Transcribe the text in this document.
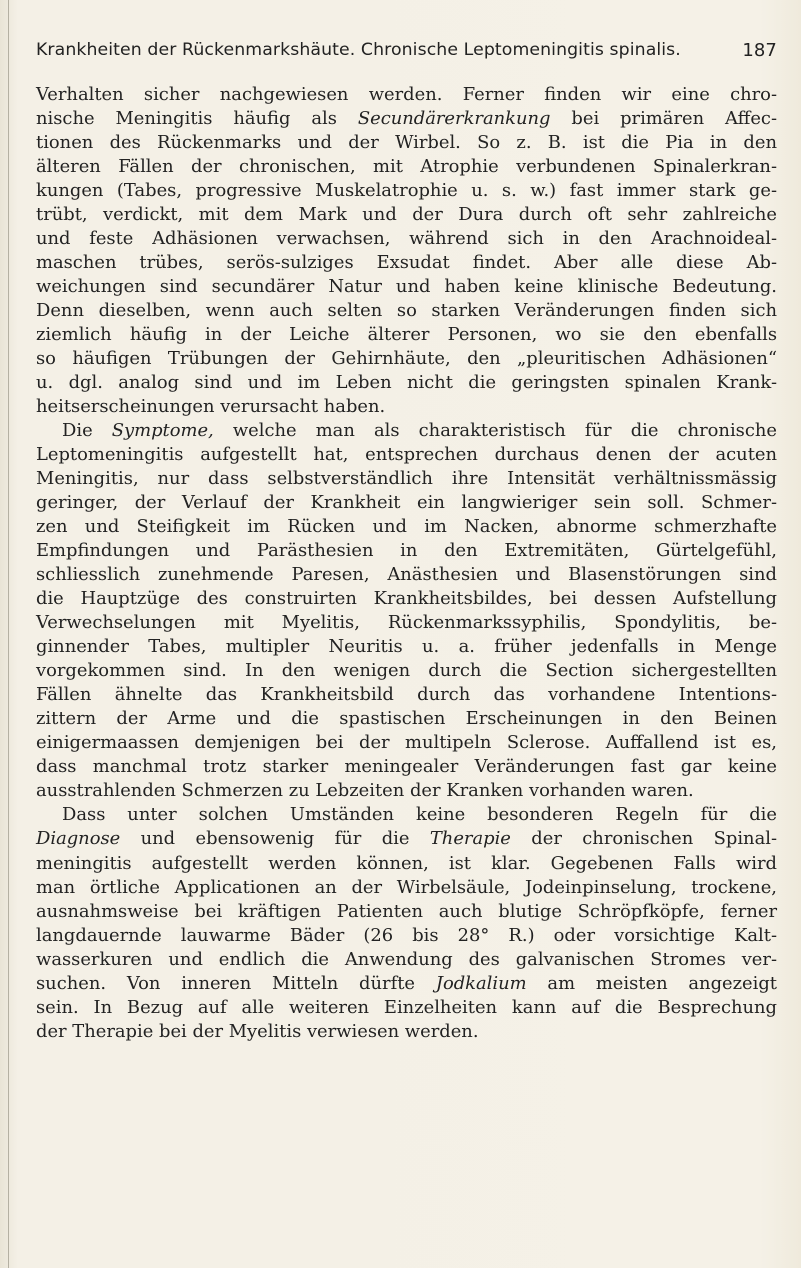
Krankheiten der Rückenmarkshäute. Chronische Leptomeningitis spinalis.	187
Verhalten sicher nachgewiesen werden. Ferner finden wir eine chro-
nische Meningitis häufig als Secundärerkrankung bei primären Affec-
tionen des Rückenmarks und der Wirbel. So z. B. ist die Pia in den
älteren Fällen der chronischen, mit Atrophie verbundenen Spinalerkran-
kungen (Tabes, progressive Muskelatrophie u. s. w.) fast immer stark ge-
trübt, verdickt, mit dem Mark und der Dura durch oft sehr zahlreiche
und feste Adhäsionen verwachsen, während sich in den Arachnoideal-
maschen trübes, serös-sulziges Exsudat findet. Aber alle diese Ab-
weichungen sind secundärer Natur und haben keine klinische Bedeutung.
Denn dieselben, wenn auch selten so starken Veränderungen finden sich
ziemlich häufig in der Leiche älterer Personen, wo sie den ebenfalls
so häufigen Trübungen der Gehirnhäute, den „pleuritischen Adhäsionen“
u. dgl. analog sind und im Leben nicht die geringsten spinalen Krank-
heitserscheinungen verursacht haben.
Die Symptome, welche man als charakteristisch für die chronische
Leptomeningitis aufgestellt hat, entsprechen durchaus denen der acuten
Meningitis, nur dass selbstverständlich ihre Intensität verhältnissmässig
geringer, der Verlauf der Krankheit ein langwieriger sein soll. Schmer-
zen und Steifigkeit im Rücken und im Nacken, abnorme schmerzhafte
Empfindungen und Parästhesien in den Extremitäten, Gürtelgefühl,
schliesslich zunehmende Paresen, Anästhesien und Blasenstörungen sind
die Hauptzüge des construirten Krankheitsbildes, bei dessen Aufstellung
Verwechselungen mit Myelitis, Rückenmarkssyphilis, Spondylitis, be-
ginnender Tabes, multipler Neuritis u. a. früher jedenfalls in Menge
vorgekommen sind. In den wenigen durch die Section sichergestellten
Fällen ähnelte das Krankheitsbild durch das vorhandene Intentions-
zittern der Arme und die spastischen Erscheinungen in den Beinen
einigermaassen demjenigen bei der multipeln Sclerose. Auffallend ist es,
dass manchmal trotz starker meningealer Veränderungen fast gar keine
ausstrahlenden Schmerzen zu Lebzeiten der Kranken vorhanden waren.
Dass unter solchen Umständen keine besonderen Regeln für die
Diagnose und ebensowenig für die Therapie der chronischen Spinal-
meningitis aufgestellt werden können, ist klar. Gegebenen Falls wird
man örtliche Applicationen an der Wirbelsäule, Jodeinpinselung, trockene,
ausnahmsweise bei kräftigen Patienten auch blutige Schröpfköpfe, ferner
langdauernde lauwarme Bäder (26 bis 28° R.) oder vorsichtige Kalt-
wasserkuren und endlich die Anwendung des galvanischen Stromes ver-
suchen. Von inneren Mitteln dürfte Jodkalium am meisten angezeigt
sein. In Bezug auf alle weiteren Einzelheiten kann auf die Besprechung
der Therapie bei der Myelitis verwiesen werden.
